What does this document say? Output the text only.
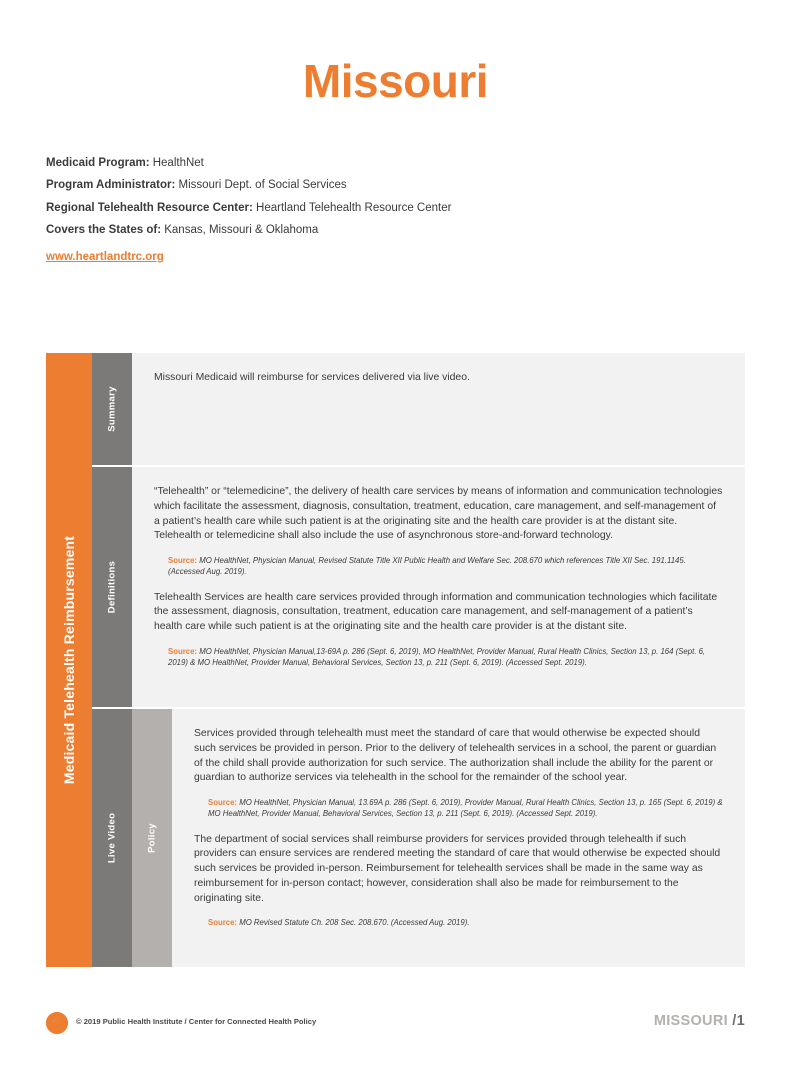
Missouri
Medicaid Program: HealthNet
Program Administrator: Missouri Dept. of Social Services
Regional Telehealth Resource Center: Heartland Telehealth Resource Center
Covers the States of: Kansas, Missouri & Oklahoma
www.heartlandtrc.org
Medicaid Telehealth Reimbursement
Summary

Missouri Medicaid will reimburse for services delivered via live video.

Definitions

“Telehealth” or “telemedicine”, the delivery of health care services by means of information and communication technologies which facilitate the assessment, diagnosis, consultation, treatment, education, care management, and self-management of a patient’s health care while such patient is at the originating site and the health care provider is at the distant site. Telehealth or telemedicine shall also include the use of asynchronous store-and-forward technology.

Source: MO HealthNet, Physician Manual, Revised Statute Title XII Public Health and Welfare Sec. 208.670 which references Title XII Sec. 191.1145. (Accessed Aug. 2019).

Telehealth Services are health care services provided through information and communication technologies which facilitate the assessment, diagnosis, consultation, treatment, education care management, and self-management of a patient’s health care while such patient is at the originating site and the health care provider is at the distant site.

Source: MO HealthNet, Physician Manual,13-69A p. 286 (Sept. 6, 2019), MO HealthNet, Provider Manual, Rural Health Clinics, Section 13, p. 164 (Sept. 6, 2019) & MO HealthNet, Provider Manual, Behavioral Services, Section 13, p. 211 (Sept. 6, 2019). (Accessed Sept. 2019).
Live Video	Policy

Services provided through telehealth must meet the standard of care that would otherwise be expected should such services be provided in person. Prior to the delivery of telehealth services in a school, the parent or guardian of the child shall provide authorization for such service. The authorization shall include the ability for the parent or guardian to authorize services via telehealth in the school for the remainder of the school year.

Source: MO HealthNet, Physician Manual, 13.69A p. 286 (Sept. 6, 2019), Provider Manual, Rural Health Clinics, Section 13, p. 165 (Sept. 6, 2019) & MO HealthNet, Provider Manual, Behavioral Services, Section 13, p. 211 (Sept. 6, 2019). (Accessed Sept. 2019).

The department of social services shall reimburse providers for services provided through telehealth if such providers can ensure services are rendered meeting the standard of care that would otherwise be expected should such services be provided in-person. Reimbursement for telehealth services shall be made in the same way as reimbursement for in-person contact; however, consideration shall also be made for reimbursement to the originating site.

Source: MO Revised Statute Ch. 208 Sec. 208.670. (Accessed Aug. 2019).
© 2019 Public Health Institute / Center for Connected Health Policy	MISSOURI /1
